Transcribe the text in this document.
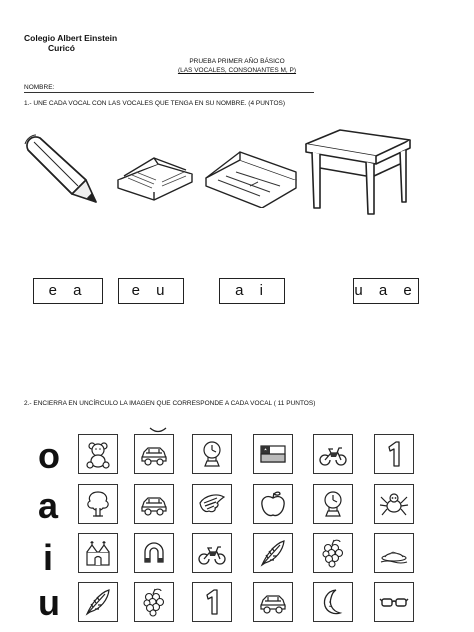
Colegio Albert Einstein
Curicó
PRUEBA PRIMER AÑO BÁSICO
(LAS VOCALES, CONSONANTES M, P)
NOMBRE:
1.- UNE CADA VOCAL CON LAS VOCALES QUE TENGA EN SU NOMBRE. (4 PUNTOS)
e a	e u	a i	u a e
2.- ENCIERRA EN UNCÍRCULO LA IMAGEN QUE CORRESPONDE A CADA VOCAL ( 11 PUNTOS)
o
a
i
u
